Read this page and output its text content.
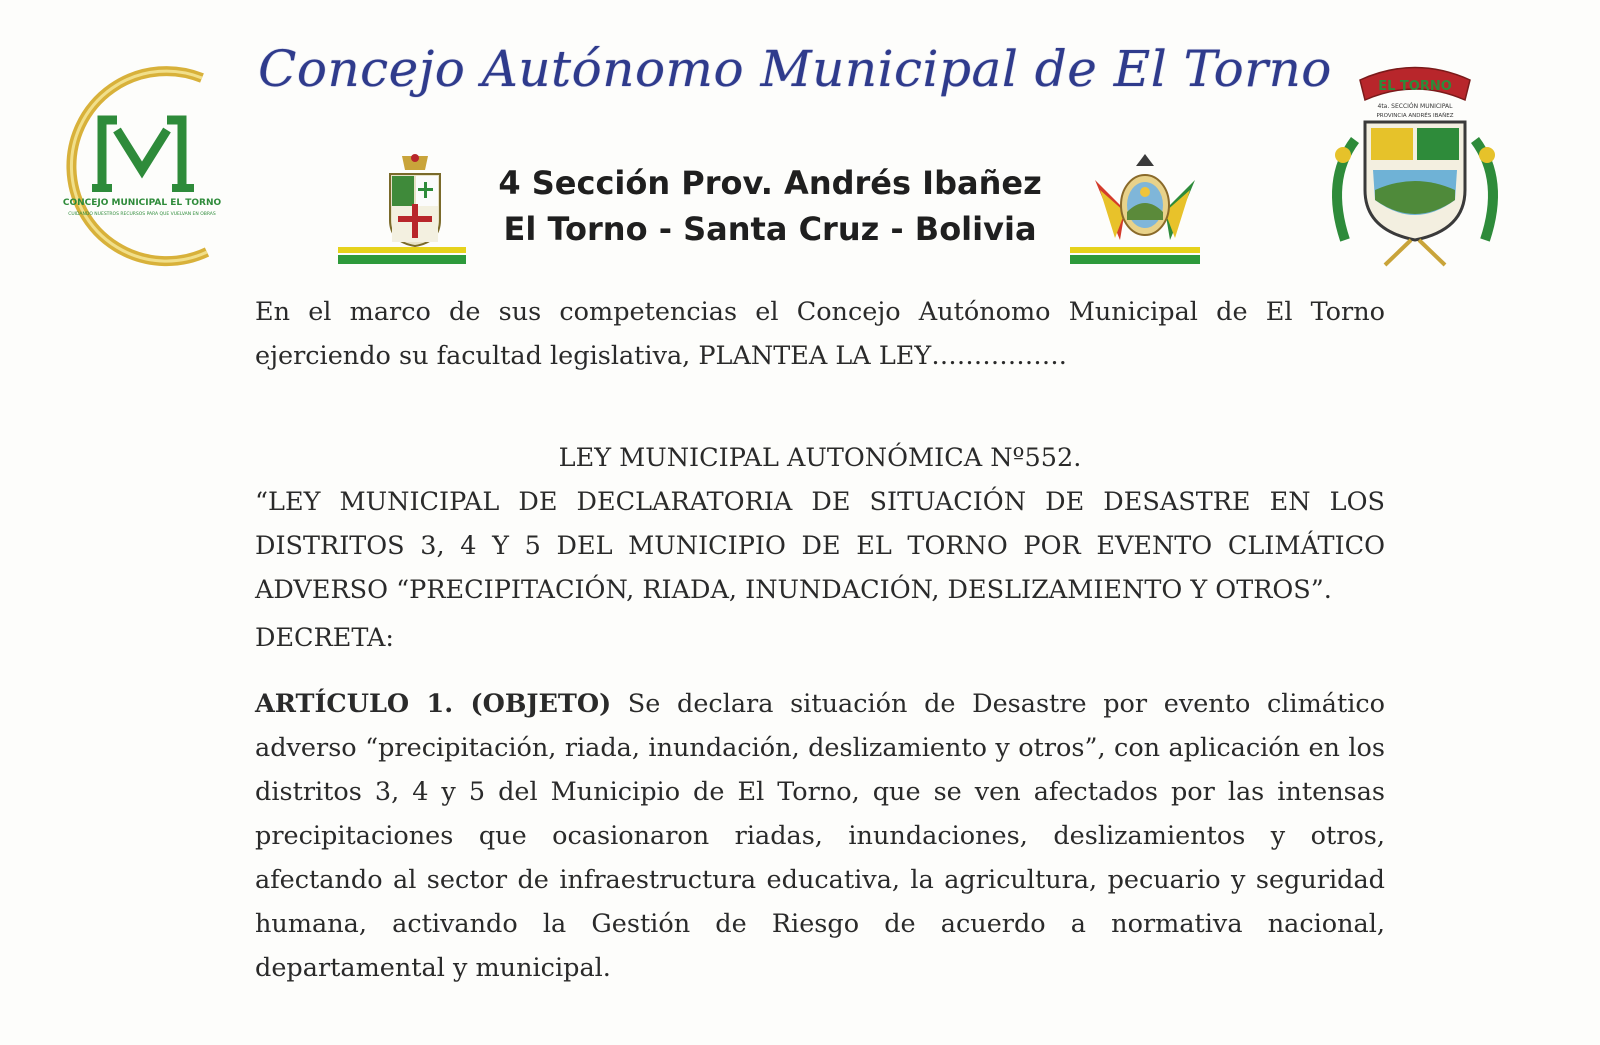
CONCEJO MUNICIPAL EL TORNO
CUIDANDO NUESTROS RECURSOS PARA QUE VUELVAN EN OBRAS
Concejo Autónomo Municipal de El Torno
4 Sección Prov. Andrés Ibañez
El Torno - Santa Cruz - Bolivia
EL TORNO
4ta. SECCIÓN MUNICIPAL
PROVINCIA ANDRÉS IBAÑEZ

En el marco de sus competencias el Concejo Autónomo Municipal de El Torno ejerciendo su facultad legislativa, PLANTEA LA LEY…………….

LEY MUNICIPAL AUTONÓMICA Nº552.

“LEY MUNICIPAL DE DECLARATORIA DE SITUACIÓN DE DESASTRE EN LOS DISTRITOS 3, 4 Y 5 DEL MUNICIPIO DE EL TORNO POR EVENTO CLIMÁTICO ADVERSO “PRECIPITACIÓN, RIADA, INUNDACIÓN, DESLIZAMIENTO Y OTROS”.

DECRETA:

ARTÍCULO 1. (OBJETO) Se declara situación de Desastre por evento climático adverso “precipitación, riada, inundación, deslizamiento y otros”, con aplicación en los distritos 3, 4 y 5 del Municipio de El Torno, que se ven afectados por las intensas precipitaciones que ocasionaron riadas, inundaciones, deslizamientos y otros, afectando al sector de infraestructura educativa, la agricultura, pecuario y seguridad humana, activando la Gestión de Riesgo de acuerdo a normativa nacional, departamental y municipal.
